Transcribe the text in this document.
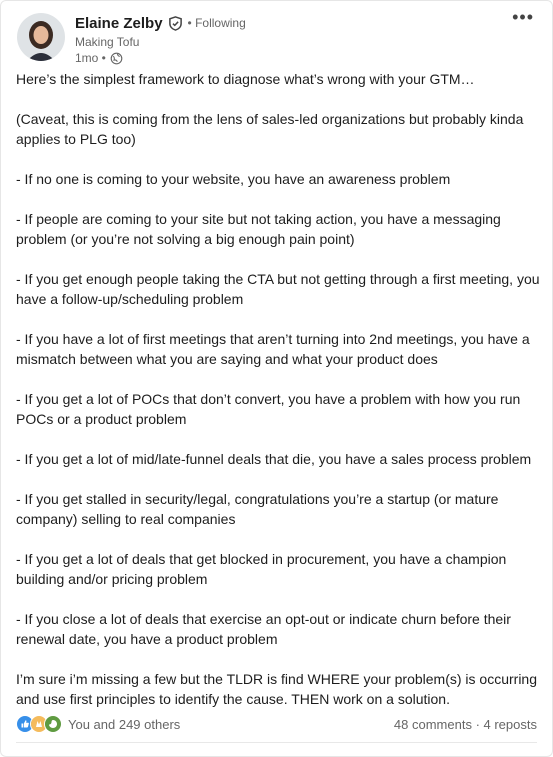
Elaine Zelby • Following
Making Tofu
1mo •
•••

Here’s the simplest framework to diagnose what’s wrong with your GTM…

(Caveat, this is coming from the lens of sales-led organizations but probably kinda applies to PLG too)

- If no one is coming to your website, you have an awareness problem

- If people are coming to your site but not taking action, you have a messaging problem (or you’re not solving a big enough pain point)

- If you get enough people taking the CTA but not getting through a first meeting, you have a follow-up/scheduling problem

- If you have a lot of first meetings that aren’t turning into 2nd meetings, you have a mismatch between what you are saying and what your product does

- If you get a lot of POCs that don’t convert, you have a problem with how you run POCs or a product problem

- If you get a lot of mid/late-funnel deals that die, you have a sales process problem

- If you get stalled in security/legal, congratulations you’re a startup (or mature company) selling to real companies

- If you get a lot of deals that get blocked in procurement, you have a champion building and/or pricing problem

- If you close a lot of deals that exercise an opt-out or indicate churn before their renewal date, you have a product problem

I’m sure i’m missing a few but the TLDR is find WHERE your problem(s) is occurring and use first principles to identify the cause. THEN work on a solution.

You and 249 others	48 comments · 4 reposts
